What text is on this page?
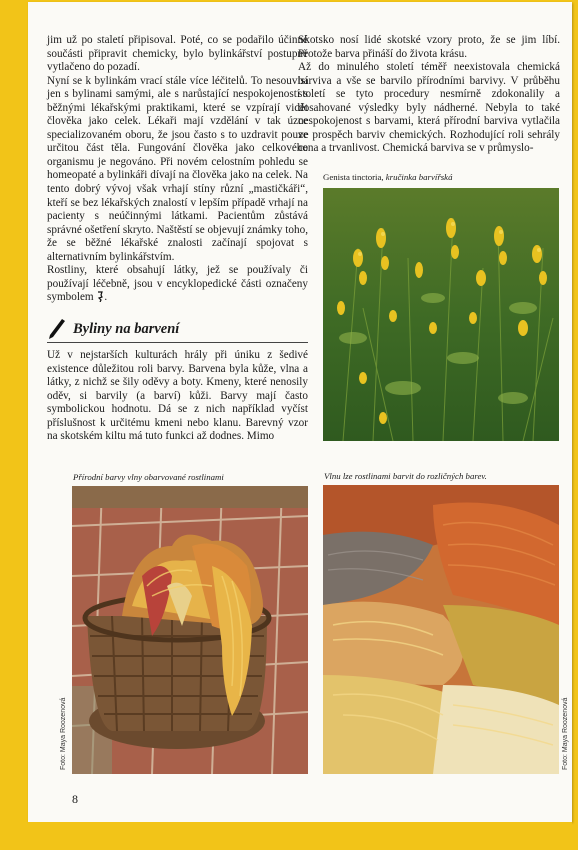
jim už po staletí připisoval. Poté, co se podařilo účinné součásti připravit chemicky, bylo bylinkářství postupně vytlačeno do pozadí.

Nyní se k bylinkám vrací stále více léčitelů. To nesouvisí jen s bylinami samými, ale s narůstající nespokojeností s běžnými lékařskými praktikami, které se vzpírají vidět člověka jako celek. Lékaři mají vzdělání v tak úzce specializovaném oboru, že jsou často s to uzdravit pouze určitou část těla. Fungování člověka jako celkového organismu je negováno. Při novém celostním pohledu se homeopaté a bylinkáři dívají na člověka jako na celek. Na tento dobrý vývoj však vrhají stíny různí „mastičkáři“, kteří se bez lékařských znalostí v lepším případě vrhají na pacienty s neúčinnými látkami. Pacientům zůstává správné ošetření skryto. Naštěstí se objevují známky toho, že se běžné lékařské znalosti začínají spojovat s alternativním bylinkářstvím.

Rostliny, které obsahují látky, jež se používaly či používají léčebně, jsou v encyklopedické části označeny symbolem .

Byliny na barvení

Už v nejstarších kulturách hrály při úniku z šedivé existence důležitou roli barvy. Barvena byla kůže, vlna a látky, z nichž se šily oděvy a boty. Kmeny, které nenosily oděv, si barvily (a barví) kůži. Barvy mají často symbolickou hodnotu. Dá se z nich například vyčíst příslušnost k určitému kmeni nebo klanu. Barevný vzor na skotském kiltu má tuto funkci až dodnes. Mimo

Skotsko nosí lidé skotské vzory proto, že se jim líbí. Protože barva přináší do života krásu.

Až do minulého století téměř neexistovala chemická barviva a vše se barvilo přírodními barvivy. V průběhu století se tyto procedury nesmírně zdokonalily a dosahované výsledky byly nádherné. Nebyla to také nespokojenost s barvami, která přírodní barviva vytlačila ve prospěch barviv chemických. Rozhodující roli sehrály cena a trvanlivost. Chemická barviva se v průmyslo-

Genista tinctoria, kručinka barvířská
Přírodní barvy vlny obarvované rostlinami	Vlnu lze rostlinami barvit do rozličných barev.
Foto: Maya Roozenová	Foto: Maya Roozenová
8
